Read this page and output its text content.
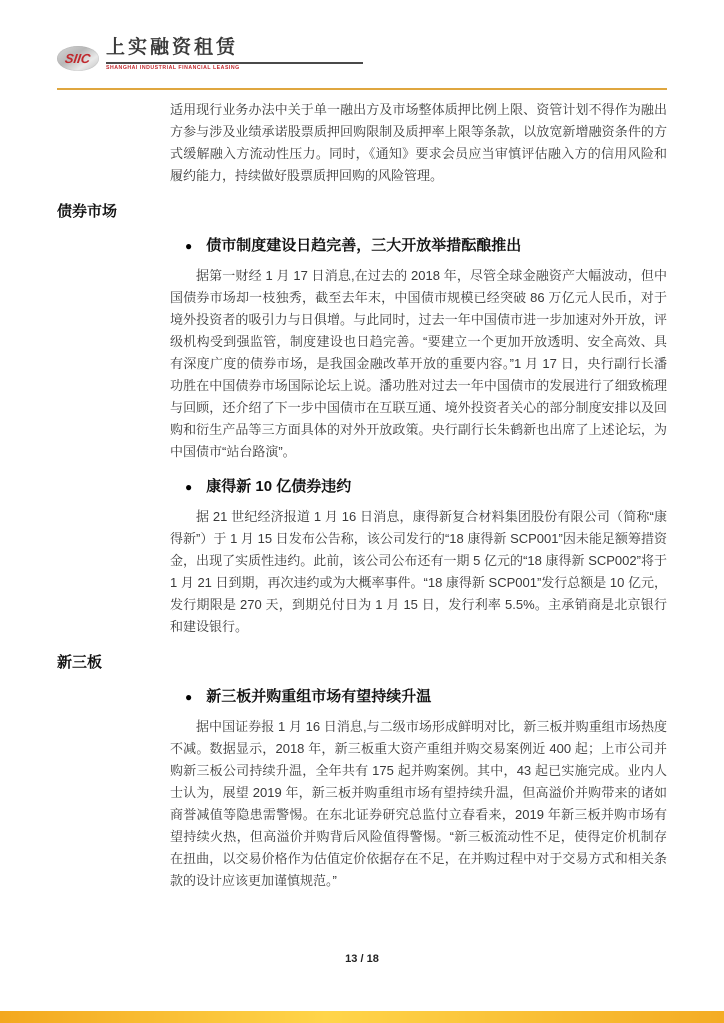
SIIC
上实融资租赁
SHANGHAI INDUSTRIAL FINANCIAL LEASING

适用现行业务办法中关于单一融出方及市场整体质押比例上限、资管计划不得作为融出方参与涉及业绩承诺股票质押回购限制及质押率上限等条款，以放宽新增融资条件的方式缓解融入方流动性压力。同时，《通知》要求会员应当审慎评估融入方的信用风险和履约能力，持续做好股票质押回购的风险管理。

债券市场
● 债市制度建设日趋完善，三大开放举措酝酿推出

据第一财经 1 月 17 日消息,在过去的 2018 年，尽管全球金融资产大幅波动，但中国债券市场却一枝独秀，截至去年末，中国债市规模已经突破 86 万亿元人民币，对于境外投资者的吸引力与日俱增。与此同时，过去一年中国债市进一步加速对外开放，评级机构受到强监管，制度建设也日趋完善。“要建立一个更加开放透明、安全高效、具有深度广度的债券市场，是我国金融改革开放的重要内容。”1 月 17 日，央行副行长潘功胜在中国债券市场国际论坛上说。潘功胜对过去一年中国债市的发展进行了细致梳理与回顾，还介绍了下一步中国债市在互联互通、境外投资者关心的部分制度安排以及回购和衍生产品等三方面具体的对外开放政策。央行副行长朱鹤新也出席了上述论坛，为中国债市“站台路演”。

● 康得新 10 亿债券违约

据 21 世纪经济报道 1 月 16 日消息，康得新复合材料集团股份有限公司（简称“康得新”）于 1 月 15 日发布公告称，该公司发行的“18 康得新 SCP001”因未能足额筹措资金，出现了实质性违约。此前，该公司公布还有一期 5 亿元的“18 康得新 SCP002”将于 1 月 21 日到期，再次违约或为大概率事件。“18 康得新 SCP001”发行总额是 10 亿元，发行期限是 270 天，到期兑付日为 1 月 15 日，发行利率 5.5%。主承销商是北京银行和建设银行。

新三板
● 新三板并购重组市场有望持续升温

据中国证券报 1 月 16 日消息,与二级市场形成鲜明对比，新三板并购重组市场热度不减。数据显示，2018 年，新三板重大资产重组并购交易案例近 400 起；上市公司并购新三板公司持续升温，全年共有 175 起并购案例。其中，43 起已实施完成。业内人士认为，展望 2019 年，新三板并购重组市场有望持续升温，但高溢价并购带来的诸如商誉减值等隐患需警惕。在东北证券研究总监付立春看来，2019 年新三板并购市场有望持续火热，但高溢价并购背后风险值得警惕。“新三板流动性不足，使得定价机制存在扭曲，以交易价格作为估值定价依据存在不足，在并购过程中对于交易方式和相关条款的设计应该更加谨慎规范。”

13 / 18
